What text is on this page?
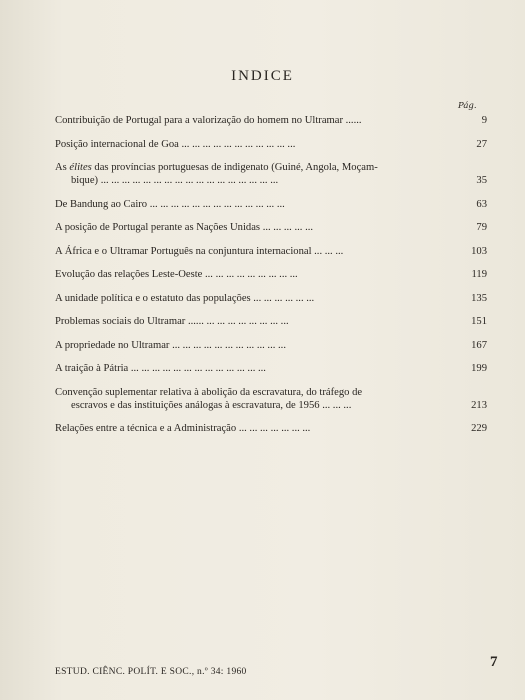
INDICE
Pág.
Contribuição de Portugal para a valorização do homem no Ultramar ......	9
Posição internacional de Goa ... ... ... ... ... ... ... ... ... ... ...	27
As élites das províncias portuguesas de indigenato (Guiné, Angola, Moçam-
bique) ... ... ... ... ... ... ... ... ... ... ... ... ... ... ... ... ...	35
De Bandung ao Cairo ... ... ... ... ... ... ... ... ... ... ... ... ...	63
A posição de Portugal perante as Nações Unidas ... ... ... ... ...	79
A África e o Ultramar Português na conjuntura internacional ... ... ...	103
Evolução das relações Leste-Oeste ... ... ... ... ... ... ... ... ...	119
A unidade política e o estatuto das populações ... ... ... ... ... ...	135
Problemas sociais do Ultramar ...... ... ... ... ... ... ... ... ...	151
A propriedade no Ultramar ... ... ... ... ... ... ... ... ... ... ...	167
A traição à Pátria ... ... ... ... ... ... ... ... ... ... ... ... ...	199
Convenção suplementar relativa à abolição da escravatura, do tráfego de
escravos e das instituições análogas à escravatura, de 1956 ... ... ...	213
Relações entre a técnica e a Administração ... ... ... ... ... ... ...	229
ESTUD. CIÊNC. POLÍT. E SOC., n.º 34: 1960
7
